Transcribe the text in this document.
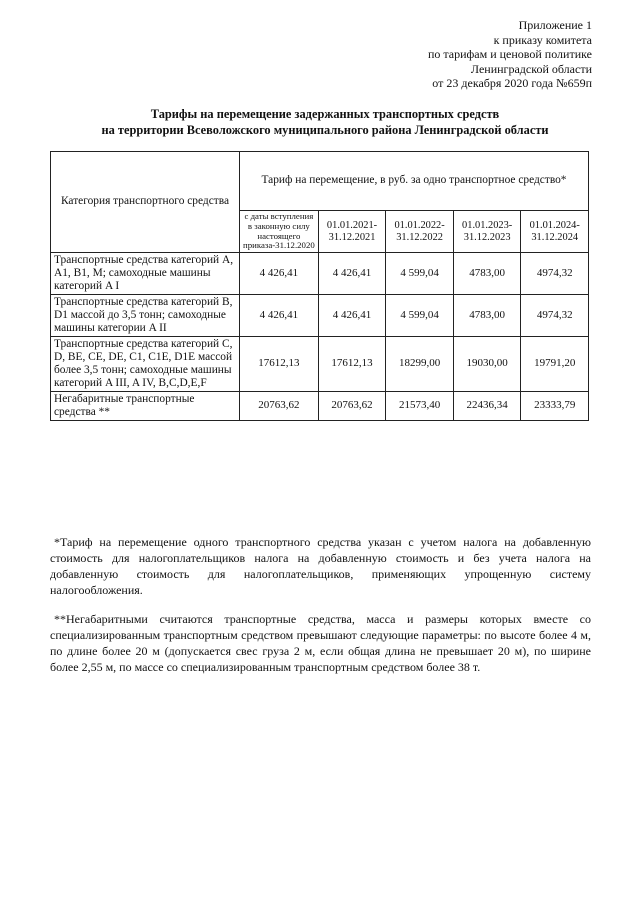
Приложение 1
к приказу комитета
по тарифам и ценовой политике
Ленинградской области
от 23 декабря 2020 года №659п
Тарифы на перемещение задержанных транспортных средств
на территории Всеволожского муниципального района Ленинградской области
Категория транспортного средства	Тариф на перемещение, в руб. за одно транспортное средство*				
	с даты вступления в законную силу настоящего приказа-31.12.2020	01.01.2021-31.12.2021	01.01.2022-31.12.2022	01.01.2023-31.12.2023	01.01.2024-31.12.2024
Транспортные средства категорий A, A1, B1, M; самоходные машины категорий A I	4 426,41	4 426,41	4 599,04	4783,00	4974,32
Транспортные средства категорий B, D1 массой до 3,5 тонн; самоходные машины категории A II	4 426,41	4 426,41	4 599,04	4783,00	4974,32
Транспортные средства категорий C, D, BE, CE, DE, C1, C1E, D1E массой более 3,5 тонн; самоходные машины категорий A III, A IV, B,C,D,E,F	17612,13	17612,13	18299,00	19030,00	19791,20
Негабаритные транспортные средства **	20763,62	20763,62	21573,40	22436,34	23333,79
*Тариф на перемещение одного транспортного средства указан с учетом налога на добавленную стоимость для налогоплательщиков налога на добавленную стоимость и без учета налога на добавленную стоимость для налогоплательщиков, применяющих упрощенную систему налогообложения.
**Негабаритными считаются транспортные средства, масса и размеры которых вместе со специализированным транспортным средством превышают следующие параметры: по высоте более 4 м, по длине более 20 м (допускается свес груза 2 м, если общая длина не превышает 20 м), по ширине более 2,55 м, по массе со специализированным транспортным средством более 38 т.
